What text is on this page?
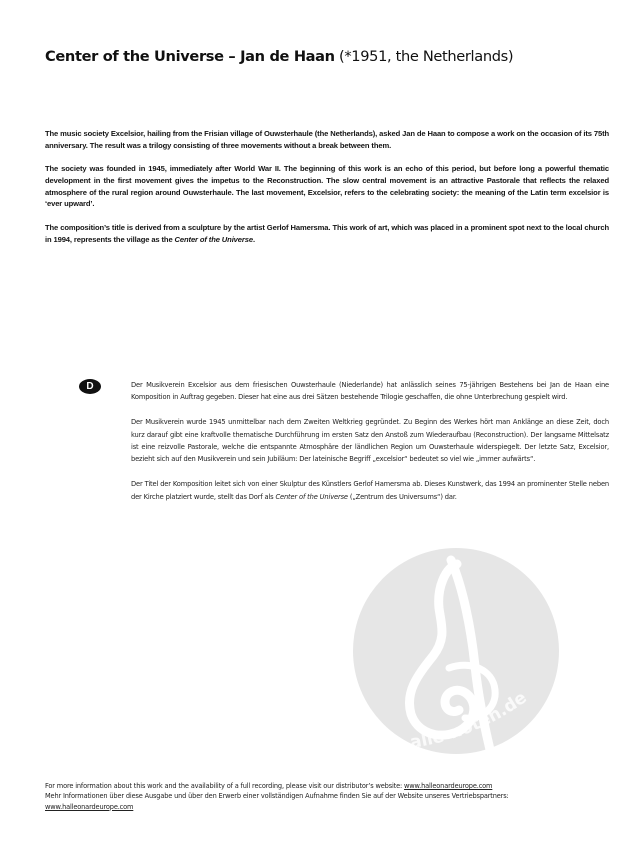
Center of the Universe – Jan de Haan (*1951, the Netherlands)

The music society Excelsior, hailing from the Frisian village of Ouwsterhaule (the Netherlands), asked Jan de Haan to compose a work on the occasion of its 75th anniversary. The result was a trilogy consisting of three movements without a break between them.

The society was founded in 1945, immediately after World War II. The beginning of this work is an echo of this period, but before long a powerful thematic development in the first movement gives the impetus to the Reconstruction. The slow central movement is an attractive Pastorale that reflects the relaxed atmosphere of the rural region around Ouwsterhaule. The last movement, Excelsior, refers to the celebrating society: the meaning of the Latin term excelsior is ‘ever upward’.

The composition’s title is derived from a sculpture by the artist Gerlof Hamersma. This work of art, which was placed in a prominent spot next to the local church in 1994, represents the village as the Center of the Universe.

D	Der Musikverein Excelsior aus dem friesischen Ouwsterhaule (Niederlande) hat anlässlich seines 75-jährigen Bestehens bei Jan de Haan eine Komposition in Auftrag gegeben. Dieser hat eine aus drei Sätzen bestehende Trilogie geschaffen, die ohne Unterbrechung gespielt wird.

Der Musikverein wurde 1945 unmittelbar nach dem Zweiten Weltkrieg gegründet. Zu Beginn des Werkes hört man Anklänge an diese Zeit, doch kurz darauf gibt eine kraftvolle thematische Durchführung im ersten Satz den Anstoß zum Wiederaufbau (Reconstruction). Der langsame Mittelsatz ist eine reizvolle Pastorale, welche die entspannte Atmosphäre der ländlichen Region um Ouwsterhaule widerspiegelt. Der letzte Satz, Excelsior, bezieht sich auf den Musikverein und sein Jubiläum: Der lateinische Begriff „excelsior“ bedeutet so viel wie „immer aufwärts“.

Der Titel der Komposition leitet sich von einer Skulptur des Künstlers Gerlof Hamersma ab. Dieses Kunstwerk, das 1994 an prominenter Stelle neben der Kirche platziert wurde, stellt das Dorf als Center of the Universe („Zentrum des Universums“) dar.

alle-noten.de
For more information about this work and the availability of a full recording, please visit our distributor’s website: www.halleonardeurope.com
Mehr Informationen über diese Ausgabe und über den Erwerb einer vollständigen Aufnahme finden Sie auf der Website unseres Vertriebspartners:
www.halleonardeurope.com
